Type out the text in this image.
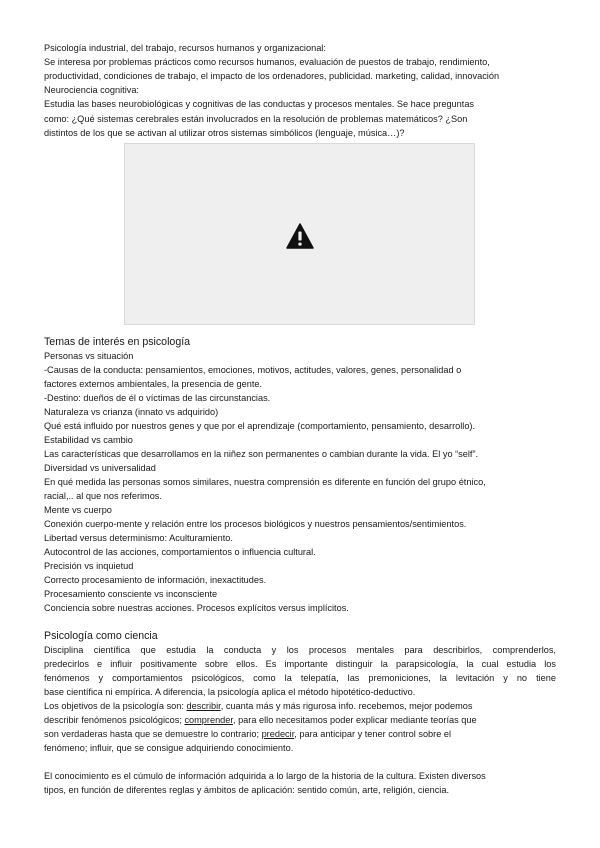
Psicología industrial, del trabajo, recursos humanos y organizacional:
Se interesa por problemas prácticos como recursos humanos, evaluación de puestos de trabajo, rendimiento,
productividad, condiciones de trabajo, el impacto de los ordenadores, publicidad. marketing, calidad, innovación
Neurociencia cognitiva:
Estudia las bases neurobiológicas y cognitivas de las conductas y procesos mentales. Se hace preguntas
como: ¿Qué sistemas cerebrales están involucrados en la resolución de problemas matemáticos? ¿Son
distintos de los que se activan al utilizar otros sistemas simbólicos (lenguaje, música…)?
Temas de interés en psicología
Personas vs situación
-Causas de la conducta: pensamientos, emociones, motivos, actitudes, valores, genes, personalidad o
factores externos ambientales, la presencia de gente.
-Destino: dueños de él o víctimas de las circunstancias.
Naturaleza vs crianza (innato vs adquirido)
Qué está influido por nuestros genes y que por el aprendizaje (comportamiento, pensamiento, desarrollo).
Estabilidad vs cambio
Las características que desarrollamos en la niñez son permanentes o cambian durante la vida. El yo “self”.
Diversidad vs universalidad
En qué medida las personas somos similares, nuestra comprensión es diferente en función del grupo étnico,
racial,.. al que nos referimos.
Mente vs cuerpo
Conexión cuerpo-mente y relación entre los procesos biológicos y nuestros pensamientos/sentimientos.
Libertad versus determinismo: Aculturamiento.
Autocontrol de las acciones, comportamientos o influencia cultural.
Precisión vs inquietud
Correcto procesamiento de información, inexactitudes.
Procesamiento consciente vs inconsciente
Conciencia sobre nuestras acciones. Procesos explícitos versus implícitos.
Psicología como ciencia
Disciplina científica que estudia la conducta y los procesos mentales para describirlos, comprenderlos,
predecirlos e influir positivamente sobre ellos. Es importante distinguir la parapsicología, la cual estudia los
fenómenos y comportamientos psicológicos, como la telepatía, las premoniciones, la levitación y no tiene
base científica ni empírica. A diferencia, la psicología aplica el método hipotético-deductivo.
Los objetivos de la psicología son: describir, cuanta más y más rigurosa info. recebemos, mejor podemos
describir fenómenos psicológicos; comprender, para ello necesitamos poder explicar mediante teorías que
son verdaderas hasta que se demuestre lo contrario; predecir, para anticipar y tener control sobre el
fenómeno; influir, que se consigue adquiriendo conocimiento.
El conocimiento es el cúmulo de información adquirida a lo largo de la historia de la cultura. Existen diversos
tipos, en función de diferentes reglas y ámbitos de aplicación: sentido común, arte, religión, ciencia.
